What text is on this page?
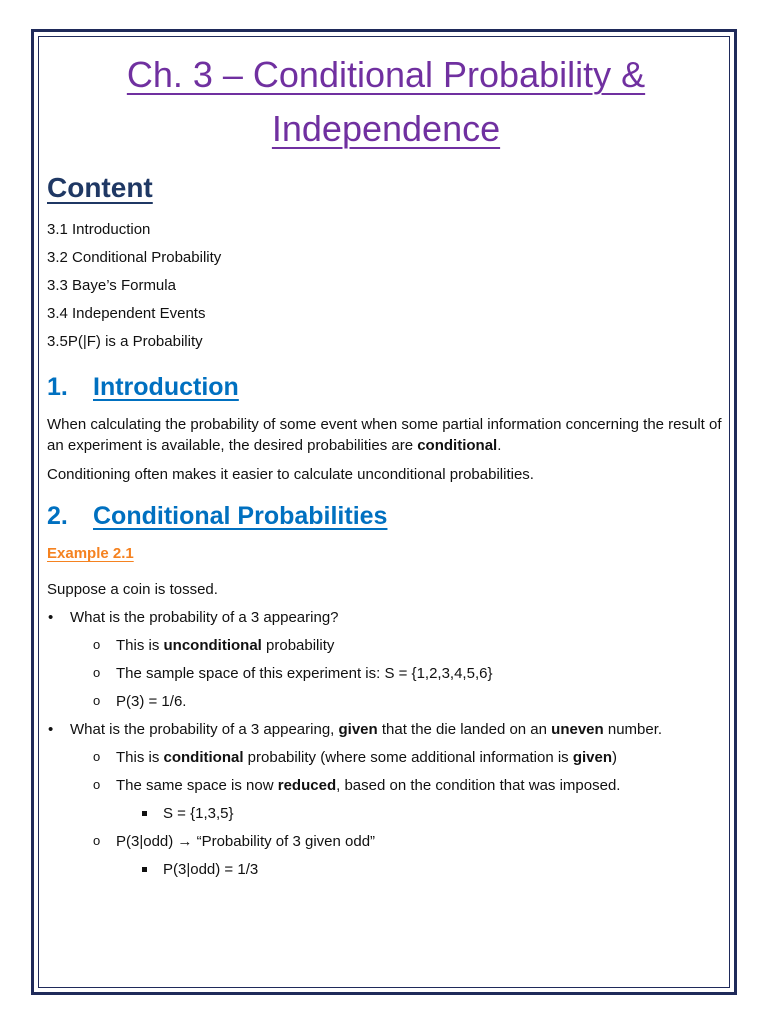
Ch. 3 – Conditional Probability &
Independence
Content
3.1 Introduction
3.2 Conditional Probability
3.3 Baye’s Formula
3.4 Independent Events
3.5P(|F) is a Probability
1.	Introduction

When calculating the probability of some event when some partial information concerning the result of an experiment is available, the desired probabilities are conditional.

Conditioning often makes it easier to calculate unconditional probabilities.

2.	Conditional Probabilities
Example 2.1

Suppose a coin is tossed.

• What is the probability of a 3 appearing?
o This is unconditional probability
o The sample space of this experiment is: S = {1,2,3,4,5,6}
o P(3) = 1/6.
• What is the probability of a 3 appearing, given that the die landed on an uneven number.
o This is conditional probability (where some additional information is given)
o The same space is now reduced, based on the condition that was imposed.
S = {1,3,5}
o P(3|odd) → “Probability of 3 given odd”
P(3|odd) = 1/3
